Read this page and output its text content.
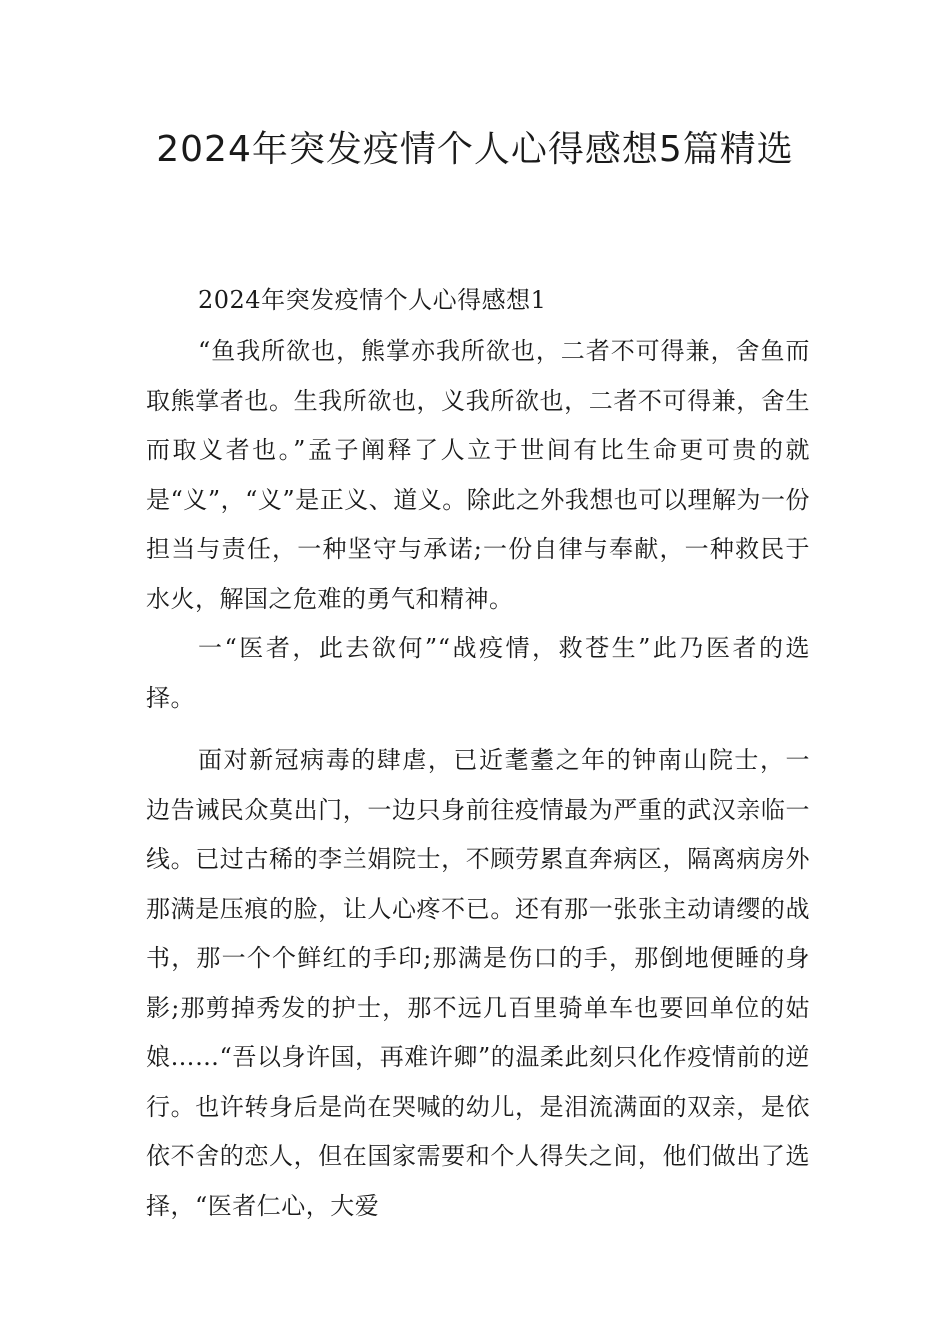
2024年突发疫情个人心得感想5篇精选
2024年突发疫情个人心得感想1

“鱼我所欲也，熊掌亦我所欲也，二者不可得兼，舍鱼而取熊掌者也。生我所欲也，义我所欲也，二者不可得兼，舍生而取义者也。”孟子阐释了人立于世间有比生命更可贵的就是“义”，“义”是正义、道义。除此之外我想也可以理解为一份担当与责任，一种坚守与承诺;一份自律与奉献，一种救民于水火，解国之危难的勇气和精神。

一“医者，此去欲何”“战疫情，救苍生”此乃医者的选择。

面对新冠病毒的肆虐，已近耄耋之年的钟南山院士，一边告诫民众莫出门，一边只身前往疫情最为严重的武汉亲临一线。已过古稀的李兰娟院士，不顾劳累直奔病区，隔离病房外那满是压痕的脸，让人心疼不已。还有那一张张主动请缨的战书，那一个个鲜红的手印;那满是伤口的手，那倒地便睡的身影;那剪掉秀发的护士，那不远几百里骑单车也要回单位的姑娘……“吾以身许国，再难许卿”的温柔此刻只化作疫情前的逆行。也许转身后是尚在哭喊的幼儿，是泪流满面的双亲，是依依不舍的恋人，但在国家需要和个人得失之间，他们做出了选择，“医者仁心，大爱
